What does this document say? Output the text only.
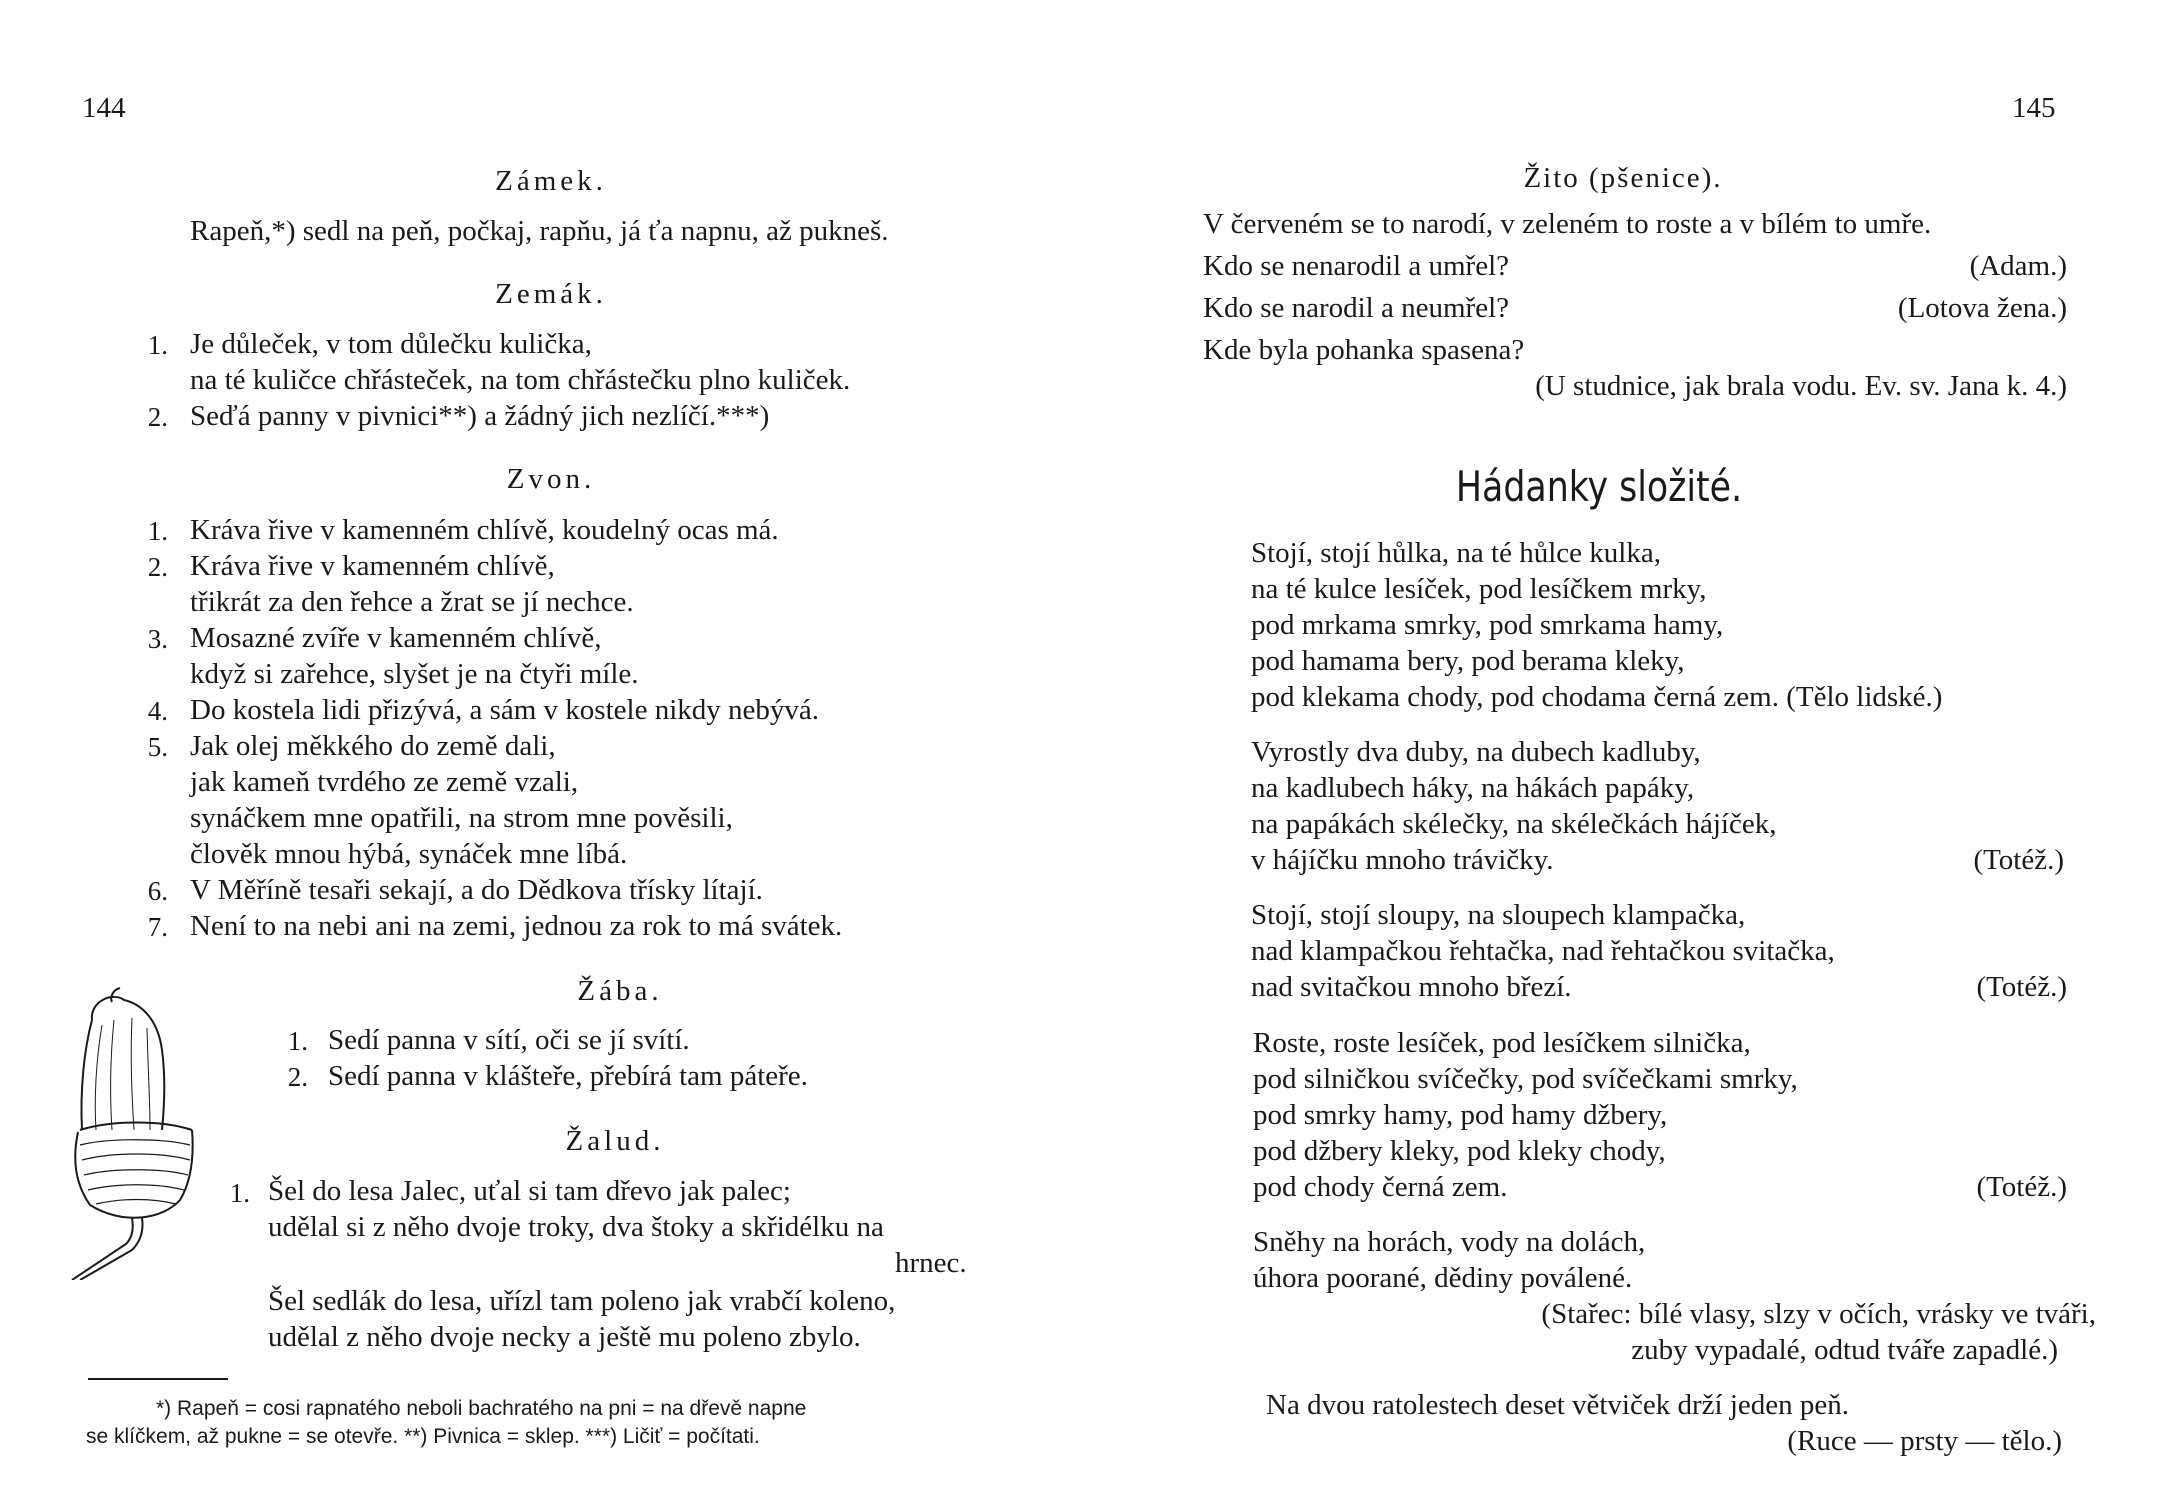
144
Zámek.
Rapeň,*) sedl na peň, počkaj, rapňu, já ťa napnu, až pukneš.
Zemák.
1. Je důleček, v tom důlečku kulička,
na té kuličce chřásteček, na tom chřástečku plno kuliček.
2. Seďá panny v pivnici**) a žádný jich nezlíčí.***)
Zvon.
1. Kráva řive v kamenném chlívě, koudelný ocas má.
2. Kráva řive v kamenném chlívě,
třikrát za den řehce a žrat se jí nechce.
3. Mosazné zvíře v kamenném chlívě,
když si zařehce, slyšet je na čtyři míle.
4. Do kostela lidi přizývá, a sám v kostele nikdy nebývá.
5. Jak olej měkkého do země dali,
jak kameň tvrdého ze země vzali,
synáčkem mne opatřili, na strom mne pověsili,
člověk mnou hýbá, synáček mne líbá.
6. V Měříně tesaři sekají, a do Dědkova třísky lítají.
7. Není to na nebi ani na zemi, jednou za rok to má svátek.
Žába.
1. Sedí panna v sítí, oči se jí svítí.
2. Sedí panna v klášteře, přebírá tam páteře.
Žalud.
1. Šel do lesa Jalec, uťal si tam dřevo jak palec;
udělal si z něho dvoje troky, dva štoky a skřidélku na
hrnec.
Šel sedlák do lesa, uřízl tam poleno jak vrabčí koleno,
udělal z něho dvoje necky a ještě mu poleno zbylo.
*) Rapeň = cosi rapnatého neboli bachratého na pni = na dřevě napne
se klíčkem, až pukne = se otevře. **) Pivnica = sklep. ***) Ličiť = počítati.
145
Žito (pšenice).
V červeném se to narodí, v zeleném to roste a v bílém to umře.
Kdo se nenarodil a umřel?	(Adam.)
Kdo se narodil a neumřel?	(Lotova žena.)
Kde byla pohanka spasena?
(U studnice, jak brala vodu. Ev. sv. Jana k. 4.)
Hádanky složité.
Stojí, stojí hůlka, na té hůlce kulka,
na té kulce lesíček, pod lesíčkem mrky,
pod mrkama smrky, pod smrkama hamy,
pod hamama bery, pod berama kleky,
pod klekama chody, pod chodama černá zem. (Tělo lidské.)
Vyrostly dva duby, na dubech kadluby,
na kadlubech háky, na hákách papáky,
na papákách skélečky, na skélečkách hájíček,
v hájíčku mnoho trávičky.	(Totéž.)
Stojí, stojí sloupy, na sloupech klampačka,
nad klampačkou řehtačka, nad řehtačkou svitačka,
nad svitačkou mnoho březí.	(Totéž.)
Roste, roste lesíček, pod lesíčkem silnička,
pod silničkou svíčečky, pod svíčečkami smrky,
pod smrky hamy, pod hamy džbery,
pod džbery kleky, pod kleky chody,
pod chody černá zem.	(Totéž.)
Sněhy na horách, vody na dolách,
úhora poorané, dědiny poválené.
(Stařec: bílé vlasy, slzy v očích, vrásky ve tváři,
zuby vypadalé, odtud tváře zapadlé.)
Na dvou ratolestech deset větviček drží jeden peň.
(Ruce — prsty — tělo.)
